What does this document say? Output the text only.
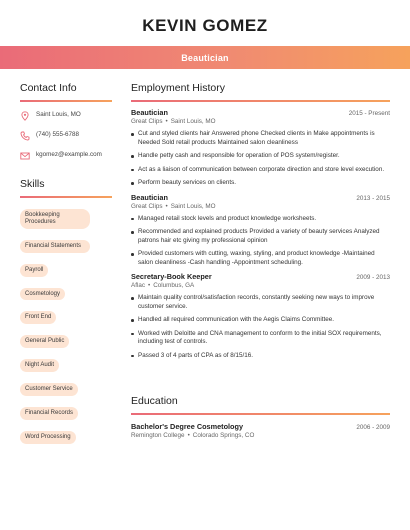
KEVIN GOMEZ
Beautician
Contact Info
Saint Louis, MO
(740) 555-6788
kgomez@example.com
Skills
Bookkeeping Procedures
Financial Statements
Payroll
Cosmetology
Front End
General Public
Night Audit
Customer Service
Financial Records
Word Processing
Employment History
Beautician	2015 - Present
Great Clips • Saint Louis, MO
Cut and styled clients hair Answered phone Checked clients in Make appointments is Needed Sold retail products Maintained salon cleanliness
Handle petty cash and responsible for operation of POS system/register.
Act as a liaison of communication between corporate direction and store level execution.
Perform beauty services on clients.
Beautician	2013 - 2015
Great Clips • Saint Louis, MO
Managed retail stock levels and product knowledge worksheets.
Recommended and explained products Provided a variety of beauty services Analyzed patrons hair etc giving my professional opinion
Provided customers with cutting, waxing, styling, and product knowledge -Maintained salon cleanliness -Cash handling -Appointment scheduling.
Secretary-Book Keeper	2009 - 2013
Aflac • Columbus, GA
Maintain quality control/satisfaction records, constantly seeking new ways to improve customer service.
Handled all required communication with the Aegis Claims Committee.
Worked with Deloitte and CNA management to conform to the initial SOX requirements, including test of controls.
Passed 3 of 4 parts of CPA as of 8/15/16.
Education
Bachelor's Degree Cosmetology	2006 - 2009
Remington College • Colorado Springs, CO
